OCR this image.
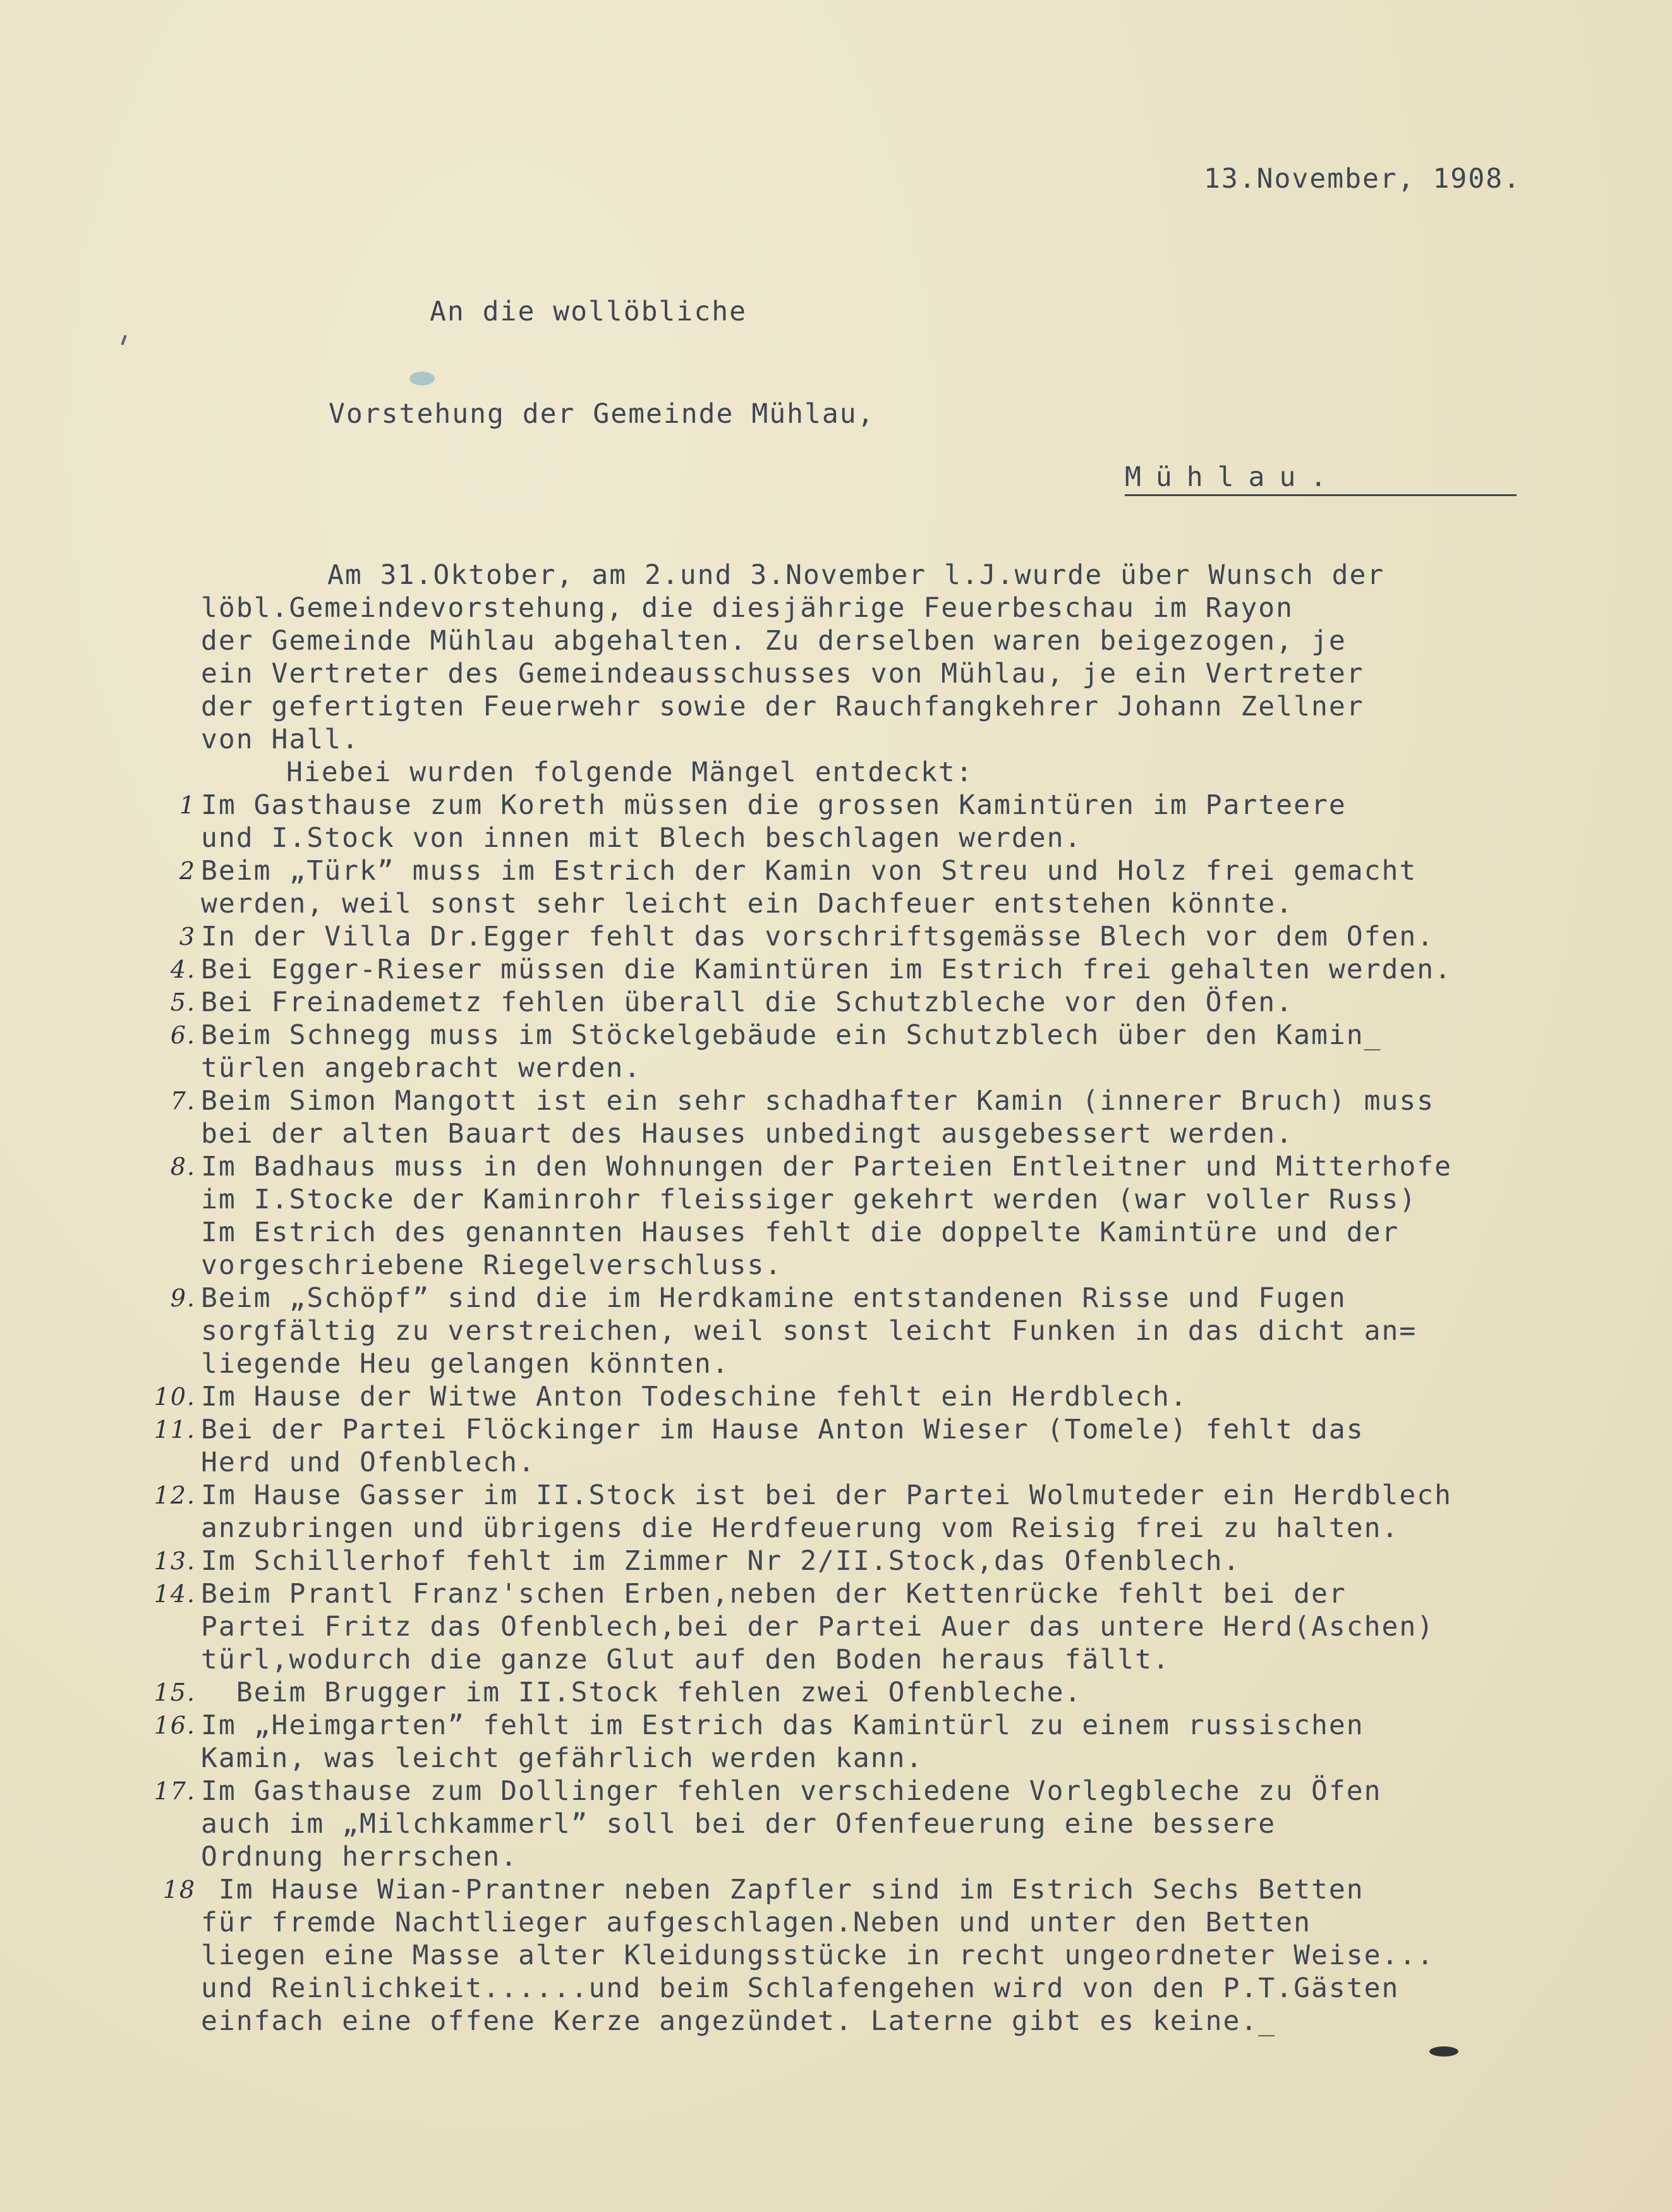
13.November, 1908.
An die wollöbliche
Vorstehung der Gemeinde Mühlau,
Mühlau.
Am 31.Oktober, am 2.und 3.November l.J.wurde über Wunsch der
löbl.Gemeindevorstehung, die diesjährige Feuerbeschau im Rayon
der Gemeinde Mühlau abgehalten. Zu derselben waren beigezogen, je
ein Vertreter des Gemeindeausschusses von Mühlau, je ein Vertreter
der gefertigten Feuerwehr sowie der Rauchfangkehrer Johann Zellner
von Hall.
Hiebei wurden folgende Mängel entdeckt:
1 Im Gasthause zum Koreth müssen die grossen Kamintüren im Parteere
und I.Stock von innen mit Blech beschlagen werden.
2 Beim „Türk” muss im Estrich der Kamin von Streu und Holz frei gemacht
werden, weil sonst sehr leicht ein Dachfeuer entstehen könnte.
3 In der Villa Dr.Egger fehlt das vorschriftsgemässe Blech vor dem Ofen.
4. Bei Egger-Rieser müssen die Kamintüren im Estrich frei gehalten werden.
5. Bei Freinademetz fehlen überall die Schutzbleche vor den Öfen.
6. Beim Schnegg muss im Stöckelgebäude ein Schutzblech über den Kamin_
türlen angebracht werden.
7. Beim Simon Mangott ist ein sehr schadhafter Kamin (innerer Bruch) muss
bei der alten Bauart des Hauses unbedingt ausgebessert werden.
8. Im Badhaus muss in den Wohnungen der Parteien Entleitner und Mitterhofe
im I.Stocke der Kaminrohr fleissiger gekehrt werden (war voller Russ)
Im Estrich des genannten Hauses fehlt die doppelte Kamintüre und der
vorgeschriebene Riegelverschluss.
9. Beim „Schöpf” sind die im Herdkamine entstandenen Risse und Fugen
sorgfältig zu verstreichen, weil sonst leicht Funken in das dicht an=
liegende Heu gelangen könnten.
10. Im Hause der Witwe Anton Todeschine fehlt ein Herdblech.
11. Bei der Partei Flöckinger im Hause Anton Wieser (Tomele) fehlt das
Herd und Ofenblech.
12. Im Hause Gasser im II.Stock ist bei der Partei Wolmuteder ein Herdblech
anzubringen und übrigens die Herdfeuerung vom Reisig frei zu halten.
13. Im Schillerhof fehlt im Zimmer Nr 2/II.Stock,das Ofenblech.
14. Beim Prantl Franz'schen Erben,neben der Kettenrücke fehlt bei der
Partei Fritz das Ofenblech,bei der Partei Auer das untere Herd(Aschen)
türl,wodurch die ganze Glut auf den Boden heraus fällt.
15. Beim Brugger im II.Stock fehlen zwei Ofenbleche.
16. Im „Heimgarten” fehlt im Estrich das Kamintürl zu einem russischen
Kamin, was leicht gefährlich werden kann.
17. Im Gasthause zum Dollinger fehlen verschiedene Vorlegbleche zu Öfen
auch im „Milchkammerl” soll bei der Ofenfeuerung eine bessere
Ordnung herrschen.
18 Im Hause Wian-Prantner neben Zapfler sind im Estrich Sechs Betten
für fremde Nachtlieger aufgeschlagen.Neben und unter den Betten
liegen eine Masse alter Kleidungsstücke in recht ungeordneter Weise...
und Reinlichkeit......und beim Schlafengehen wird von den P.T.Gästen
einfach eine offene Kerze angezündet. Laterne gibt es keine._
